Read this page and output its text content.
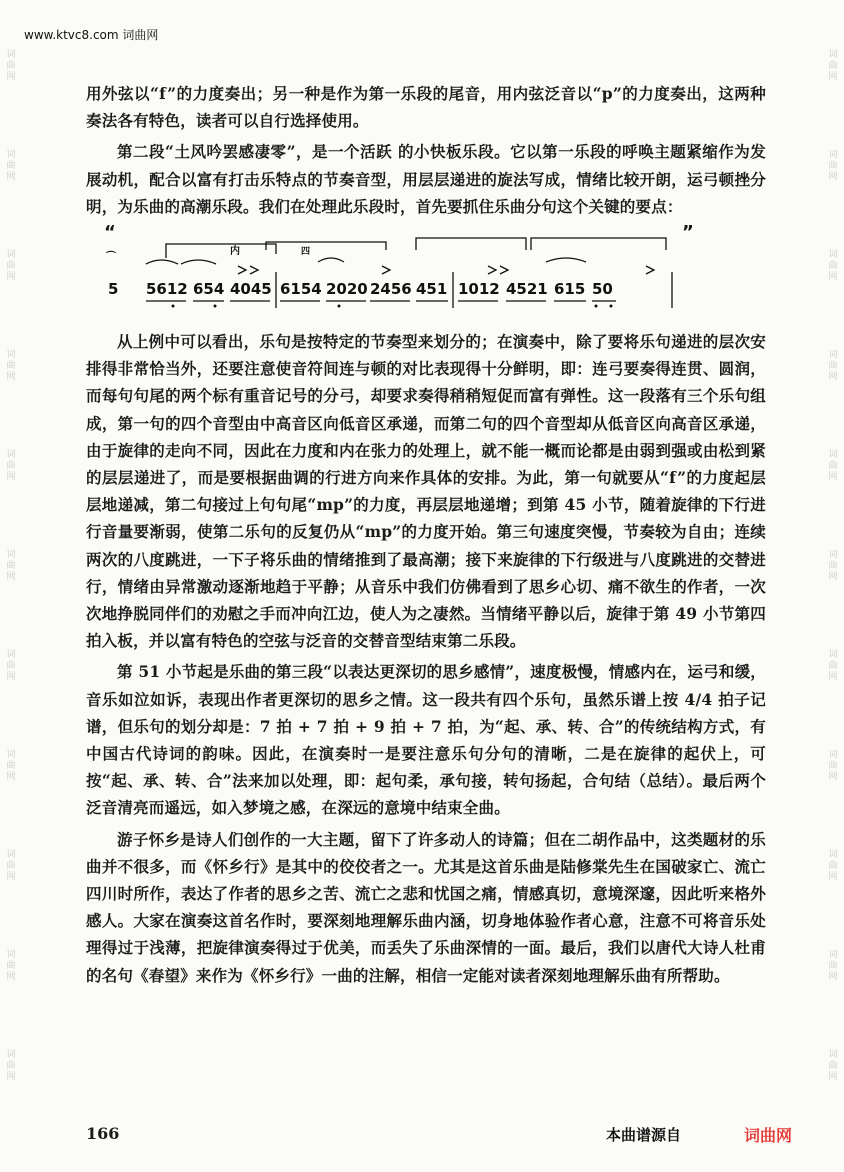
词
曲
网
词
曲
网
词
曲
网
词
曲
网
词
曲
网
词
曲
网
词
曲
网
词
曲
网
词
曲
网
词
曲
网
词
曲
网
词
曲
网
词
曲
网
词
曲
网
词
曲
网
词
曲
网
词
曲
网
词
曲
网
词
曲
网
词
曲
网
词
曲
网
词
曲
网
www.ktvc8.com 词曲网

用外弦以“f”的力度奏出；另一种是作为第一乐段的尾音，用内弦泛音以“p”的力度奏出，这两种奏法各有特色，读者可以自行选择使用。

第二段“土风吟罢感凄零”，是一个活跃 的小快板乐段。它以第一乐段的呼唤主题紧缩作为发展动机，配合以富有打击乐特点的节奏音型，用层层递进的旋法写成，情绪比较开朗，运弓顿挫分明，为乐曲的高潮乐段。我们在处理此乐段时，首先要抓住乐曲分句这个关键的要点：

“	”
⌒
内	四
5612 654 4045 6154 2020 2456 451 1012 4521 615 50
5

从上例中可以看出，乐句是按特定的节奏型来划分的；在演奏中，除了要将乐句递进的层次安排得非常恰当外，还要注意使音符间连与顿的对比表现得十分鲜明，即：连弓要奏得连贯、圆润，而每句句尾的两个标有重音记号的分弓，却要求奏得稍稍短促而富有弹性。这一段落有三个乐句组成，第一句的四个音型由中高音区向低音区承递，而第二句的四个音型却从低音区向高音区承递，由于旋律的走向不同，因此在力度和内在张力的处理上，就不能一概而论都是由弱到强或由松到紧的层层递进了，而是要根据曲调的行进方向来作具体的安排。为此，第一句就要从“f”的力度起层层地递减，第二句接过上句句尾“mp”的力度，再层层地递增；到第 45 小节，随着旋律的下行进行音量要渐弱，使第二乐句的反复仍从“mp”的力度开始。第三句速度突慢，节奏较为自由；连续两次的八度跳进，一下子将乐曲的情绪推到了最高潮；接下来旋律的下行级进与八度跳进的交替进行，情绪由异常激动逐渐地趋于平静；从音乐中我们仿佛看到了思乡心切、痛不欲生的作者，一次次地挣脱同伴们的劝慰之手而冲向江边，使人为之凄然。当情绪平静以后，旋律于第 49 小节第四拍入板，并以富有特色的空弦与泛音的交替音型结束第二乐段。

第 51 小节起是乐曲的第三段“以表达更深切的思乡感情”，速度极慢，情感内在，运弓和缓，音乐如泣如诉，表现出作者更深切的思乡之情。这一段共有四个乐句，虽然乐谱上按 4/4 拍子记谱，但乐句的划分却是：7 拍 + 7 拍 + 9 拍 + 7 拍，为“起、承、转、合”的传统结构方式，有中国古代诗词的韵味。因此，在演奏时一是要注意乐句分句的清晰，二是在旋律的起伏上，可按“起、承、转、合”法来加以处理，即：起句柔，承句接，转句扬起，合句结（总结）。最后两个泛音清亮而遥远，如入梦境之感，在深远的意境中结束全曲。

游子怀乡是诗人们创作的一大主题，留下了许多动人的诗篇；但在二胡作品中，这类题材的乐曲并不很多，而《怀乡行》是其中的佼佼者之一。尤其是这首乐曲是陆修棠先生在国破家亡、流亡四川时所作，表达了作者的思乡之苦、流亡之悲和忧国之痛，情感真切，意境深邃，因此听来格外感人。大家在演奏这首名作时，要深刻地理解乐曲内涵，切身地体验作者心意，注意不可将音乐处理得过于浅薄，把旋律演奏得过于优美，而丢失了乐曲深情的一面。最后，我们以唐代大诗人杜甫的名句《春望》来作为《怀乡行》一曲的注解，相信一定能对读者深刻地理解乐曲有所帮助。

166	本曲谱源自	词曲网
